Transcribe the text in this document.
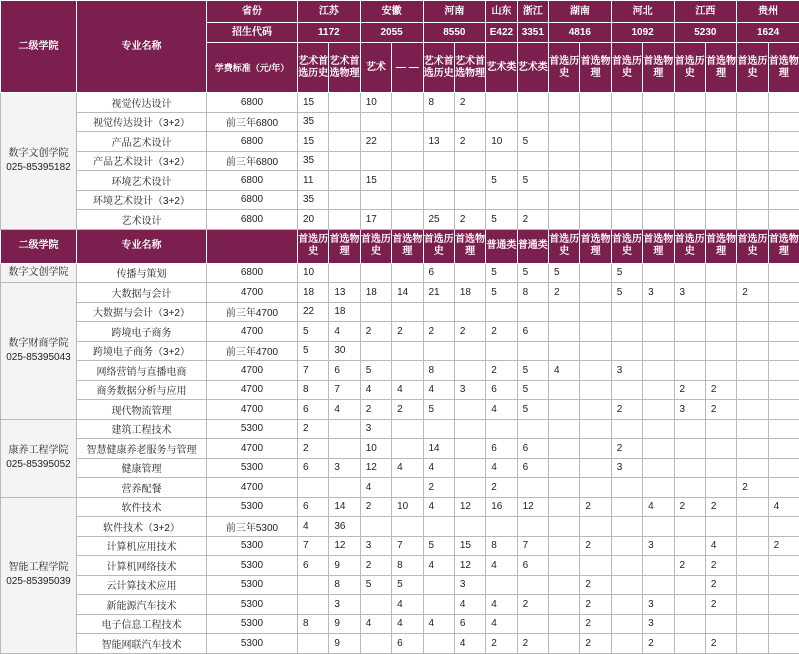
二级学院	专业名称	省份	江苏		安徽		河南		山东	浙江	湖南		河北		江西		贵州	
		招生代码	1172		2055		8550		E422	3351	4816		1092		5230		1624	
		学费标准（元/年）	艺术首选历史	艺术首选物理	艺术	— —	艺术首选历史	艺术首选物理	艺术类	艺术类	首选历史	首选物理	首选历史	首选物理	首选历史	首选物理	首选历史	首选物理

数字文创学院
025-85395182	视觉传达设计	6800	15		10		8	2										
	视觉传达设计（3+2）	前三年6800	35															
	产品艺术设计	6800	15		22		13	2	10	5								
	产品艺术设计（3+2）	前三年6800	35															
	环境艺术设计	6800	11		15				5	5								
	环境艺术设计（3+2）	6800	35															
	艺术设计	6800	20		17		25	2	5	2								
二级学院	专业名称		首选历史	首选物理	首选历史	首选物理	首选历史	首选物理	普通类	普通类	首选历史	首选物理	首选历史	首选物理	首选历史	首选物理	首选历史	首选物理

数字文创学院	传播与策划	6800	10				6		5	5	5		5					

数字财商学院
025-85395043	大数据与会计	4700	18	13	18	14	21	18	5	8	2		5	3	3		2	
	大数据与会计（3+2）	前三年4700	22	18														
	跨境电子商务	4700	5	4	2	2	2	2	2	6								
	跨境电子商务（3+2）	前三年4700	5	30														
	网络营销与直播电商	4700	7	6	5		8		2	5	4		3					
	商务数据分析与应用	4700	8	7	4	4	4	3	6	5					2	2		
	现代物流管理	4700	6	4	2	2	5		4	5			2		3	2		

康养工程学院
025-85395052	建筑工程技术	5300	2		3													
	智慧健康养老服务与管理	4700	2		10		14		6	6			2					
	健康管理	5300	6	3	12	4	4		4	6			3					
	营养配餐	4700			4		2		2								2	

智能工程学院
025-85395039	软件技术	5300	6	14	2	10	4	12	16	12		2		4	2	2		4
	软件技术（3+2）	前三年5300	4	36														
	计算机应用技术	5300	7	12	3	7	5	15	8	7		2		3		4		2
	计算机网络技术	5300	6	9	2	8	4	12	4	6					2	2		
	云计算技术应用	5300		8	5	5		3				2				2		
	新能源汽车技术	5300		3		4		4	4	2		2		3		2		
	电子信息工程技术	5300	8	9	4	4	4	6	4			2		3				
	智能网联汽车技术	5300		9		6		4	2	2		2		2		2		
